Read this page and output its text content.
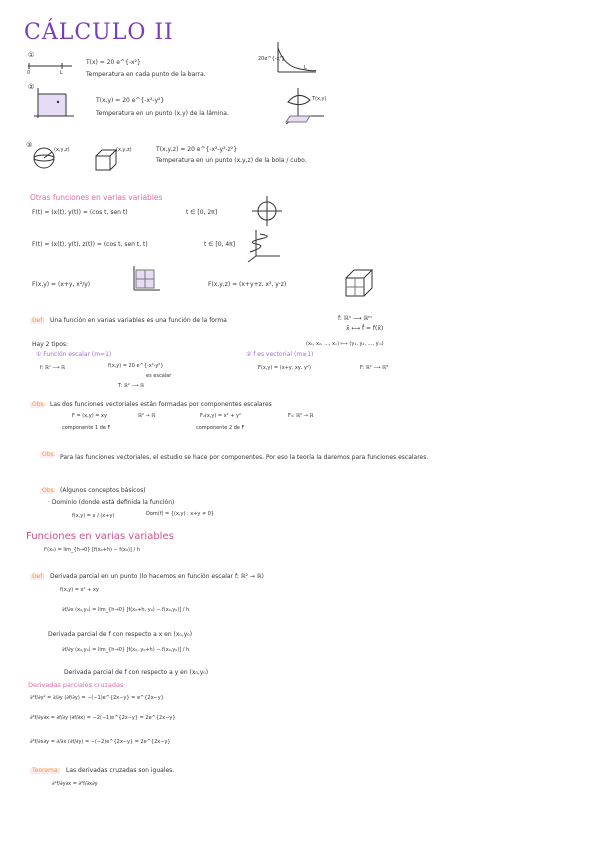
CÁLCULO II
①
0	L
T(x) = 20 e^{-x²}
Temperatura en cada punto de la barra.
20e^{-x²}
L
②
T(x,y) = 20 e^{-x²-y²}
Temperatura en un punto (x,y) de la lámina.
T(x,y)
③
(x,y,z)	(x,y,z)	T(x,y,z) = 20 e^{-x²-y²-z²}
Temperatura en un punto (x,y,z) de la bola / cubo.
Otras funciones en varias variables
F(t) = (x(t), y(t)) = (cos t, sen t)	t ∈ [0, 2π]
F(t) = (x(t), y(t), z(t)) = (cos t, sen t, t)	t ∈ [0, 4π]
F(x,y) = (x+y, x²/y)	F(x,y,z) = (x+y+z, x², y·z)
Def: Una función en varias variables es una función de la forma	f: ℝⁿ ⟶ ℝᵐ
x̄ ⟼ f̄ = f(x̄)
(x₁, x₂, ..., xₙ) ⟼ (y₁, y₂, ..., yₘ)
Hay 2 tipos:
① Función escalar (m=1)
f: ℝⁿ ⟶ ℝ	f(x,y) = 20 e^{-x²-y²}
es escalar
T: ℝ² ⟶ ℝ
② f es vectorial (m≥1)
F(x,y) = (x+y, xy, y²)	F: ℝ² ⟶ ℝ³
Obs: Las dos funciones vectoriales están formadas por componentes escalares
F = (x,y) = xy	ℝ² → ℝ	F₂(x,y) = x² + y²	F₃: ℝ² → ℝ
componente 1 de F	componente 2 de F
Obs: Para las funciones vectoriales, el estudio se hace por componentes. Por eso la teoría la daremos para funciones escalares.
Obs: (Algunos conceptos básicos)
· Dominio (donde está definida la función)
f(x,y) = x / (x+y)	Dom(f) = {(x,y) : x+y ≠ 0}
Funciones en varias variables
f'(x₀) = lim_{h→0} [f(x₀+h) − f(x₀)] / h
Def: Derivada parcial en un punto (lo hacemos en función escalar f: ℝ² → ℝ)
f(x,y) = x² + xy
∂f/∂x (x₀,y₀) = lim_{h→0} [f(x₀+h, y₀) − f(x₀,y₀)] / h
Derivada parcial de f con respecto a x en (x₀,y₀)
∂f/∂y (x₀,y₀) = lim_{h→0} [f(x₀, y₀+h) − f(x₀,y₀)] / h
Derivada parcial de f con respecto a y en (x₀,y₀)
Derivadas parciales cruzadas
∂²f/∂y² = ∂/∂y (∂f/∂y) = −(−1)e^{2x−y} = e^{2x−y}
∂²f/∂y∂x = ∂f/∂y (∂f/∂x) = −2(−1)e^{2x−y} = 2e^{2x−y}
∂²f/∂x∂y = ∂/∂x (∂f/∂y) = −(−2)e^{2x−y} = 2e^{2x−y}
Teorema: Las derivadas cruzadas son iguales.
∂²f/∂y∂x = ∂²f/∂x∂y
